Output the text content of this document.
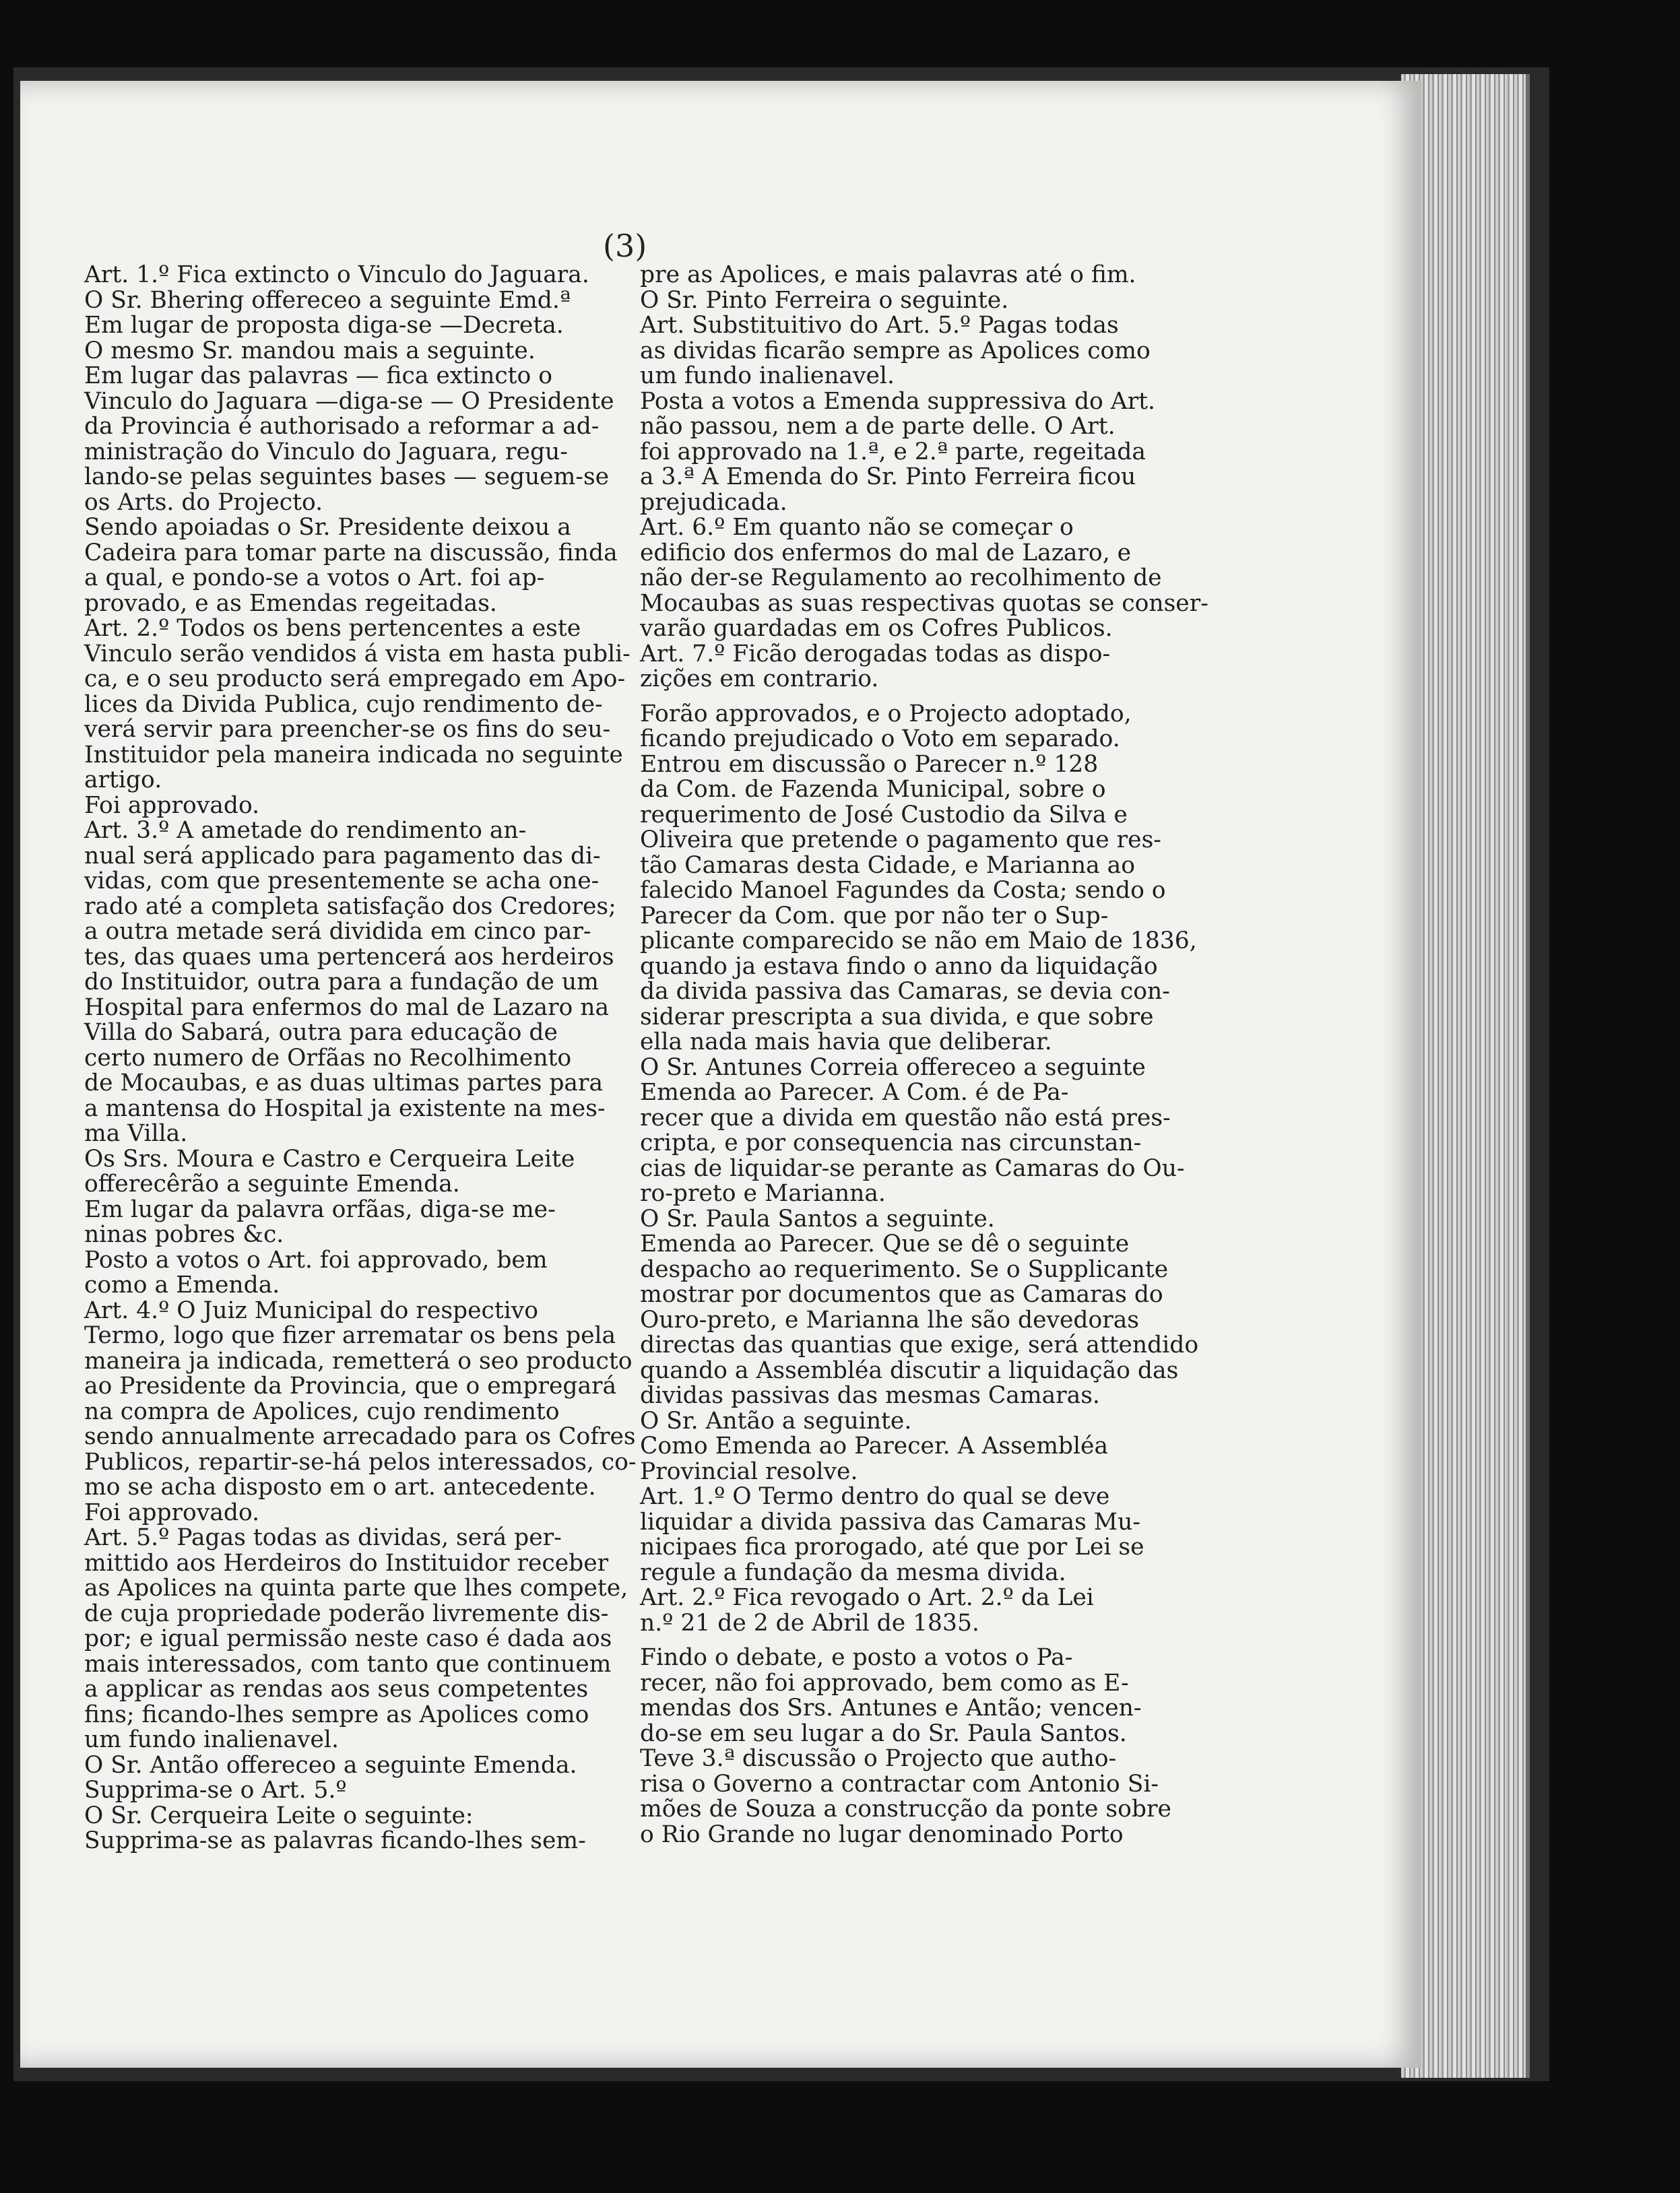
(3)
Art. 1.º Fica extincto o Vinculo do Jaguara.
O Sr. Bhering offereceo a seguinte Emd.ª
Em lugar de proposta diga-se —Decreta.
O mesmo Sr. mandou mais a seguinte.
Em lugar das palavras — fica extincto o
Vinculo do Jaguara —diga-se — O Presidente
da Provincia é authorisado a reformar a ad-
ministração do Vinculo do Jaguara, regu-
lando-se pelas seguintes bases — seguem-se
os Arts. do Projecto.
Sendo apoiadas o Sr. Presidente deixou a
Cadeira para tomar parte na discussão, finda
a qual, e pondo-se a votos o Art. foi ap-
provado, e as Emendas regeitadas.
Art. 2.º Todos os bens pertencentes a este
Vinculo serão vendidos á vista em hasta publi-
ca, e o seu producto será empregado em Apo-
lices da Divida Publica, cujo rendimento de-
verá servir para preencher-se os fins do seu-
Instituidor pela maneira indicada no seguinte
artigo.
Foi approvado.
Art. 3.º A ametade do rendimento an-
nual será applicado para pagamento das di-
vidas, com que presentemente se acha one-
rado até a completa satisfação dos Credores;
a outra metade será dividida em cinco par-
tes, das quaes uma pertencerá aos herdeiros
do Instituidor, outra para a fundação de um
Hospital para enfermos do mal de Lazaro na
Villa do Sabará, outra para educação de
certo numero de Orfãas no Recolhimento
de Mocaubas, e as duas ultimas partes para
a mantensa do Hospital ja existente na mes-
ma Villa.
Os Srs. Moura e Castro e Cerqueira Leite
offerecêrão a seguinte Emenda.
Em lugar da palavra orfãas, diga-se me-
ninas pobres &c.
Posto a votos o Art. foi approvado, bem
como a Emenda.
Art. 4.º O Juiz Municipal do respectivo
Termo, logo que fizer arrematar os bens pela
maneira ja indicada, remetterá o seo producto
ao Presidente da Provincia, que o empregará
na compra de Apolices, cujo rendimento
sendo annualmente arrecadado para os Cofres
Publicos, repartir-se-há pelos interessados, co-
mo se acha disposto em o art. antecedente.
Foi approvado.
Art. 5.º Pagas todas as dividas, será per-
mittido aos Herdeiros do Instituidor receber
as Apolices na quinta parte que lhes compete,
de cuja propriedade poderão livremente dis-
por; e igual permissão neste caso é dada aos
mais interessados, com tanto que continuem
a applicar as rendas aos seus competentes
fins; ficando-lhes sempre as Apolices como
um fundo inalienavel.
O Sr. Antão offereceo a seguinte Emenda.
Supprima-se o Art. 5.º
O Sr. Cerqueira Leite o seguinte:
Supprima-se as palavras ficando-lhes sem-
pre as Apolices, e mais palavras até o fim.
O Sr. Pinto Ferreira o seguinte.
Art. Substituitivo do Art. 5.º Pagas todas
as dividas ficarão sempre as Apolices como
um fundo inalienavel.
Posta a votos a Emenda suppressiva do Art.
não passou, nem a de parte delle. O Art.
foi approvado na 1.ª, e 2.ª parte, regeitada
a 3.ª A Emenda do Sr. Pinto Ferreira ficou
prejudicada.
Art. 6.º Em quanto não se começar o
edificio dos enfermos do mal de Lazaro, e
não der-se Regulamento ao recolhimento de
Mocaubas as suas respectivas quotas se conser-
varão guardadas em os Cofres Publicos.
Art. 7.º Ficão derogadas todas as dispo-
zições em contrario.
Forão approvados, e o Projecto adoptado,
ficando prejudicado o Voto em separado.
Entrou em discussão o Parecer n.º 128
da Com. de Fazenda Municipal, sobre o
requerimento de José Custodio da Silva e
Oliveira que pretende o pagamento que res-
tão Camaras desta Cidade, e Marianna ao
falecido Manoel Fagundes da Costa; sendo o
Parecer da Com. que por não ter o Sup-
plicante comparecido se não em Maio de 1836,
quando ja estava findo o anno da liquidação
da divida passiva das Camaras, se devia con-
siderar prescripta a sua divida, e que sobre
ella nada mais havia que deliberar.
O Sr. Antunes Correia offereceo a seguinte
Emenda ao Parecer. A Com. é de Pa-
recer que a divida em questão não está pres-
cripta, e por consequencia nas circunstan-
cias de liquidar-se perante as Camaras do Ou-
ro-preto e Marianna.
O Sr. Paula Santos a seguinte.
Emenda ao Parecer. Que se dê o seguinte
despacho ao requerimento. Se o Supplicante
mostrar por documentos que as Camaras do
Ouro-preto, e Marianna lhe são devedoras
directas das quantias que exige, será attendido
quando a Assembléa discutir a liquidação das
dividas passivas das mesmas Camaras.
O Sr. Antão a seguinte.
Como Emenda ao Parecer. A Assembléa
Provincial resolve.
Art. 1.º O Termo dentro do qual se deve
liquidar a divida passiva das Camaras Mu-
nicipaes fica prorogado, até que por Lei se
regule a fundação da mesma divida.
Art. 2.º Fica revogado o Art. 2.º da Lei
n.º 21 de 2 de Abril de 1835.
Findo o debate, e posto a votos o Pa-
recer, não foi approvado, bem como as E-
mendas dos Srs. Antunes e Antão; vencen-
do-se em seu lugar a do Sr. Paula Santos.
Teve 3.ª discussão o Projecto que autho-
risa o Governo a contractar com Antonio Si-
mões de Souza a construcção da ponte sobre
o Rio Grande no lugar denominado Porto
